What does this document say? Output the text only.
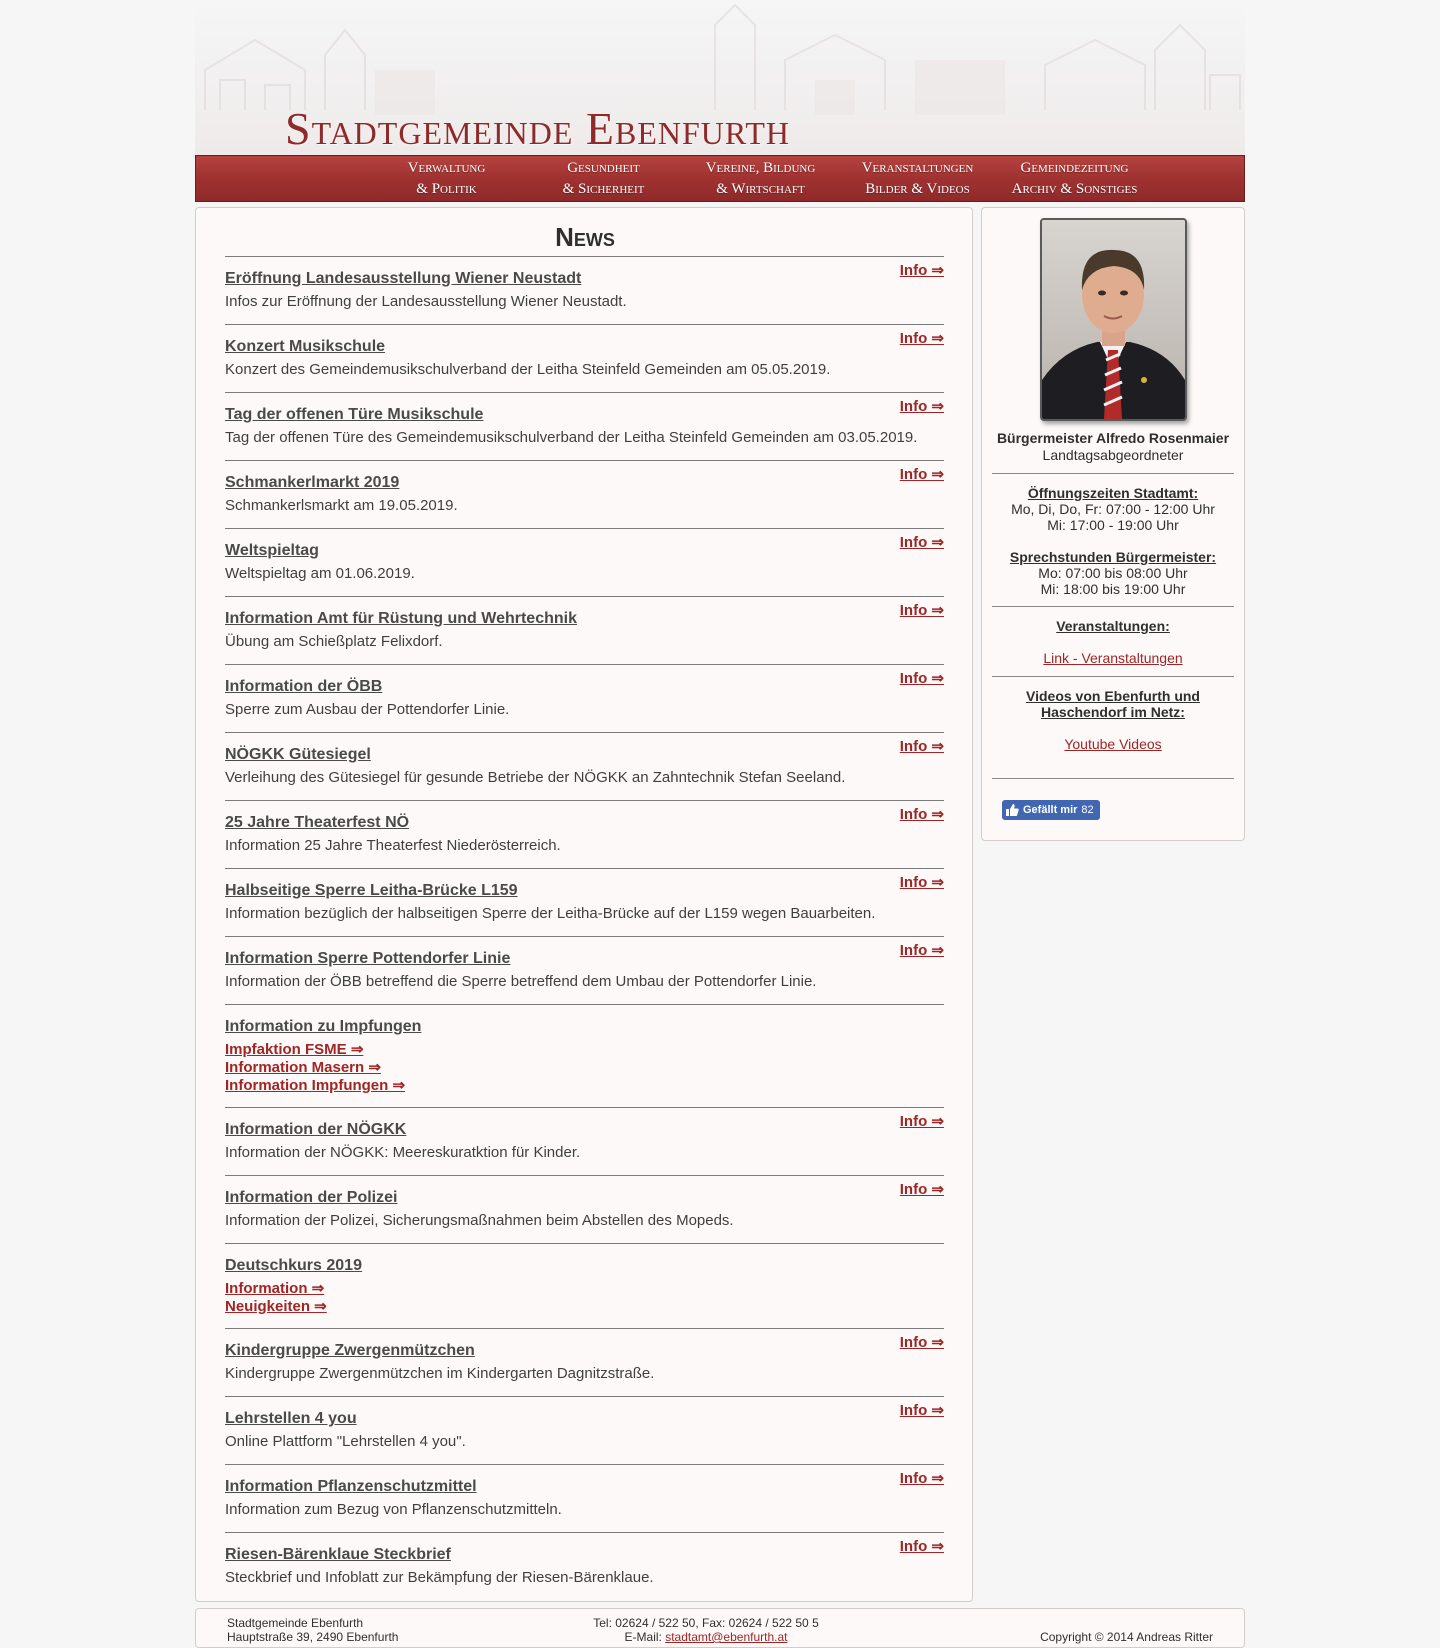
Stadtgemeinde Ebenfurth
Verwaltung
& Politik
Gesundheit
& Sicherheit
Vereine, Bildung
& Wirtschaft
Veranstaltungen
Bilder & Videos
Gemeindezeitung
Archiv & Sonstiges
News
Eröffnung Landesausstellung Wiener Neustadt
Infos zur Eröffnung der Landesausstellung Wiener Neustadt.
Info ⇒
Konzert Musikschule
Konzert des Gemeindemusikschulverband der Leitha Steinfeld Gemeinden am 05.05.2019.
Info ⇒
Tag der offenen Türe Musikschule
Tag der offenen Türe des Gemeindemusikschulverband der Leitha Steinfeld Gemeinden am 03.05.2019.
Info ⇒
Schmankerlmarkt 2019
Schmankerlsmarkt am 19.05.2019.
Info ⇒
Weltspieltag
Weltspieltag am 01.06.2019.
Info ⇒
Information Amt für Rüstung und Wehrtechnik
Übung am Schießplatz Felixdorf.
Info ⇒
Information der ÖBB
Sperre zum Ausbau der Pottendorfer Linie.
Info ⇒
NÖGKK Gütesiegel
Verleihung des Gütesiegel für gesunde Betriebe der NÖGKK an Zahntechnik Stefan Seeland.
Info ⇒
25 Jahre Theaterfest NÖ
Information 25 Jahre Theaterfest Niederösterreich.
Info ⇒
Halbseitige Sperre Leitha-Brücke L159
Information bezüglich der halbseitigen Sperre der Leitha-Brücke auf der L159 wegen Bauarbeiten.
Info ⇒
Information Sperre Pottendorfer Linie
Information der ÖBB betreffend die Sperre betreffend dem Umbau der Pottendorfer Linie.
Info ⇒
Information zu Impfungen
Impfaktion FSME ⇒
Information Masern ⇒
Information Impfungen ⇒
Information der NÖGKK
Information der NÖGKK: Meereskuratktion für Kinder.
Info ⇒
Information der Polizei
Information der Polizei, Sicherungsmaßnahmen beim Abstellen des Mopeds.
Info ⇒
Deutschkurs 2019
Information ⇒
Neuigkeiten ⇒
Kindergruppe Zwergenmützchen
Kindergruppe Zwergenmützchen im Kindergarten Dagnitzstraße.
Info ⇒
Lehrstellen 4 you
Online Plattform "Lehrstellen 4 you".
Info ⇒
Information Pflanzenschutzmittel
Information zum Bezug von Pflanzenschutzmitteln.
Info ⇒
Riesen-Bärenklaue Steckbrief
Steckbrief und Infoblatt zur Bekämpfung der Riesen-Bärenklaue.
Info ⇒
Bürgermeister Alfredo Rosenmaier
Landtagsabgeordneter
Öffnungszeiten Stadtamt:
Mo, Di, Do, Fr: 07:00 - 12:00 Uhr
Mi: 17:00 - 19:00 Uhr
Sprechstunden Bürgermeister:
Mo: 07:00 bis 08:00 Uhr
Mi: 18:00 bis 19:00 Uhr
Veranstaltungen:
Link - Veranstaltungen
Videos von Ebenfurth und
Haschendorf im Netz:
Youtube Videos
Gefällt mir 82
Stadtgemeinde Ebenfurth
Hauptstraße 39, 2490 Ebenfurth
Tel: 02624 / 522 50, Fax: 02624 / 522 50 5
E-Mail: stadtamt@ebenfurth.at	Copyright © 2014 Andreas Ritter
